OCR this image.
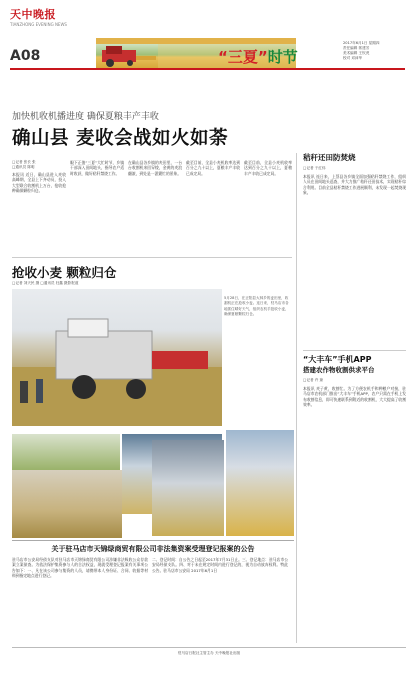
天中晚报
TIANZHONG EVENING NEWS
A08	“三夏”时节
2017年6月1日 星期四
责任编辑 郭建芳
美术编辑 王钦虎
校对 邓沛华
加快机收机播进度 确保夏粮丰产丰收
确山县 麦收会战如火如荼
□记者 张长 张
□通讯员 陈明
本报讯 近日，确山县进入麦收高峰期，全县上下齐动员，投入大型联合收割机上万台，抢收抢种确保颗粒归仓。
眼下正值“三夏”大忙时节，乡镇干部深入田间地头，指导农户适时收获，做好秸秆禁烧工作。
在确山县各乡镇的麦田里，一台台收割机来回穿梭，金黄的麦浪翻滚，到处是一派繁忙的景象。
截至目前，全县小麦机收率达到百分之九十以上，夏粮丰产丰收已成定局。
截至目前，全县小麦机收率达到百分之九十以上，夏粮丰产丰收已成定局。
秸秆还田防焚烧
□记者 于红伟
本报讯 连日来，上蔡县各乡镇全面加强秸秆禁烧工作，组织人员在田间地头巡查，并大力推广秸秆还田技术，实现秸秆综合利用。目前全县秸秆禁烧工作进展顺利，未发现一起焚烧现象。
“大丰车”手机APP
搭建农作物收割供求平台
□记者 许 琼
本报讯 麦子黄，收割忙。为了方便农机手和种粮户对接，驻马店市农机部门推出“大丰车”手机APP，农户只需在手机上发布收割信息，即可快速联系到附近的收割机，大大提高了收割效率。
抢收小麦 颗粒归仓
□记者 刘天民 摄 □通讯员 杜鑫 摄影报道
5月28日，在正阳县大林乡的麦田里，收割机正在抢收小麦。连日来，驻马店市各地抓住晴好天气，组织农机手抢收小麦，确保夏粮颗粒归仓。
关于驻马店市天锦绿商贸有限公司非法集资案受理登记报案的公告
驻马店市公安局经侦支队对驻马店市天锦绿商贸有限公司涉嫌非法吸收公众存款案立案侦查。为依法保护集资参与人的合法权益，现就受理登记报案有关事项公告如下：一、凡在该公司参与集资的人员，请携带本人身份证、合同、收据等材料到指定地点进行登记。
二、登记时间：自公告之日起至2017年7月31日止。三、登记地点：驻马店市公安局经侦支队。四、对于未在规定时间内进行登记的，视为自动放弃权利。特此公告。驻马店市公安局 2017年6月1日
驻马店日报社主管主办 天中晚报社出版
